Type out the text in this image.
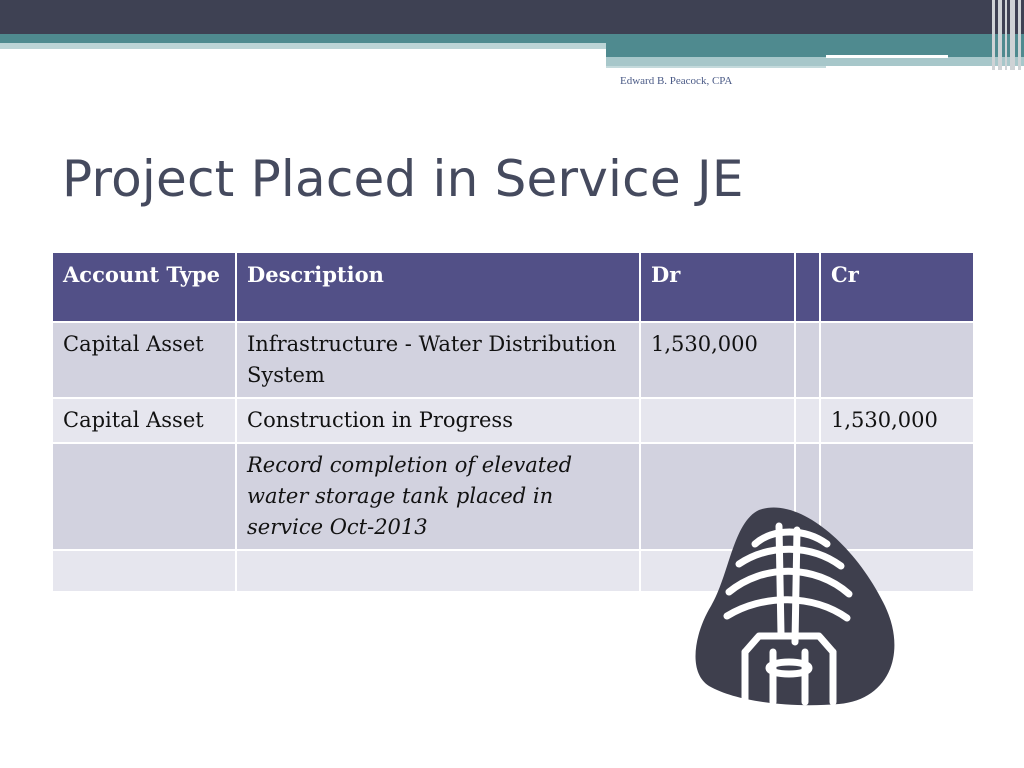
Edward B. Peacock, CPA
Project Placed in Service JE
Account Type	Description	Dr		Cr
Capital Asset	Infrastructure - Water Distribution System	1,530,000		
Capital Asset	Construction in Progress			1,530,000
	Record completion of elevated water storage tank placed in service Oct-2013			
